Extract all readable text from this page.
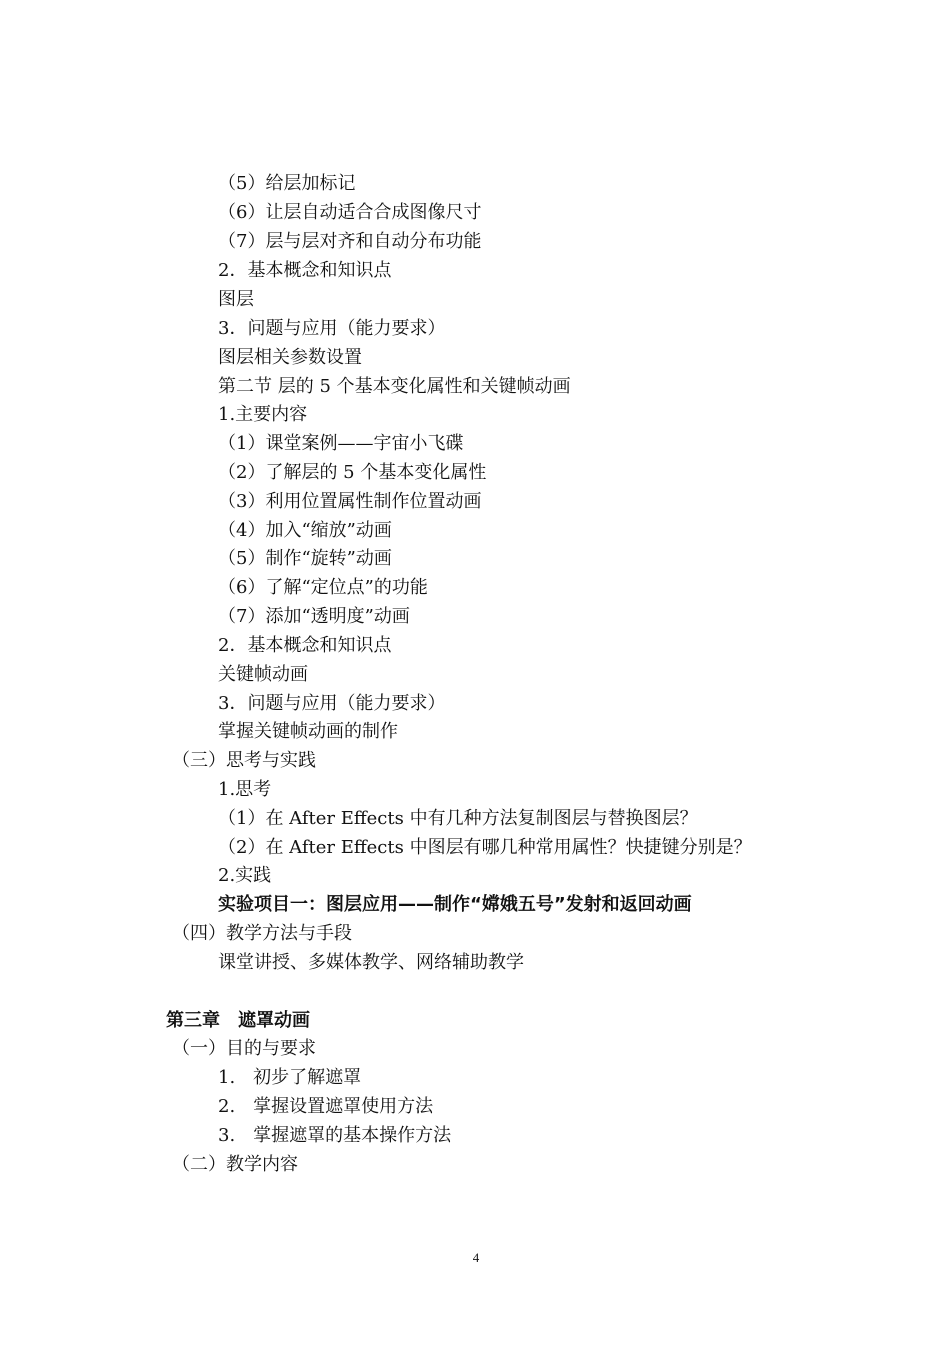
（5）给层加标记
（6）让层自动适合合成图像尺寸
（7）层与层对齐和自动分布功能
2．基本概念和知识点
图层
3．问题与应用（能力要求）
图层相关参数设置
第二节 层的 5 个基本变化属性和关键帧动画
1.主要内容
（1）课堂案例——宇宙小飞碟
（2）了解层的 5 个基本变化属性
（3）利用位置属性制作位置动画
（4）加入“缩放”动画
（5）制作“旋转”动画
（6）了解“定位点”的功能
（7）添加“透明度”动画
2．基本概念和知识点
关键帧动画
3．问题与应用（能力要求）
掌握关键帧动画的制作
（三）思考与实践
1.思考
（1）在 After Effects 中有几种方法复制图层与替换图层？
（2）在 After Effects 中图层有哪几种常用属性？快捷键分别是？
2.实践
实验项目一：图层应用——制作“嫦娥五号”发射和返回动画
（四）教学方法与手段
课堂讲授、多媒体教学、网络辅助教学
第三章　遮罩动画
（一）目的与要求
1.　初步了解遮罩
2.　掌握设置遮罩使用方法
3.　掌握遮罩的基本操作方法
（二）教学内容
4
